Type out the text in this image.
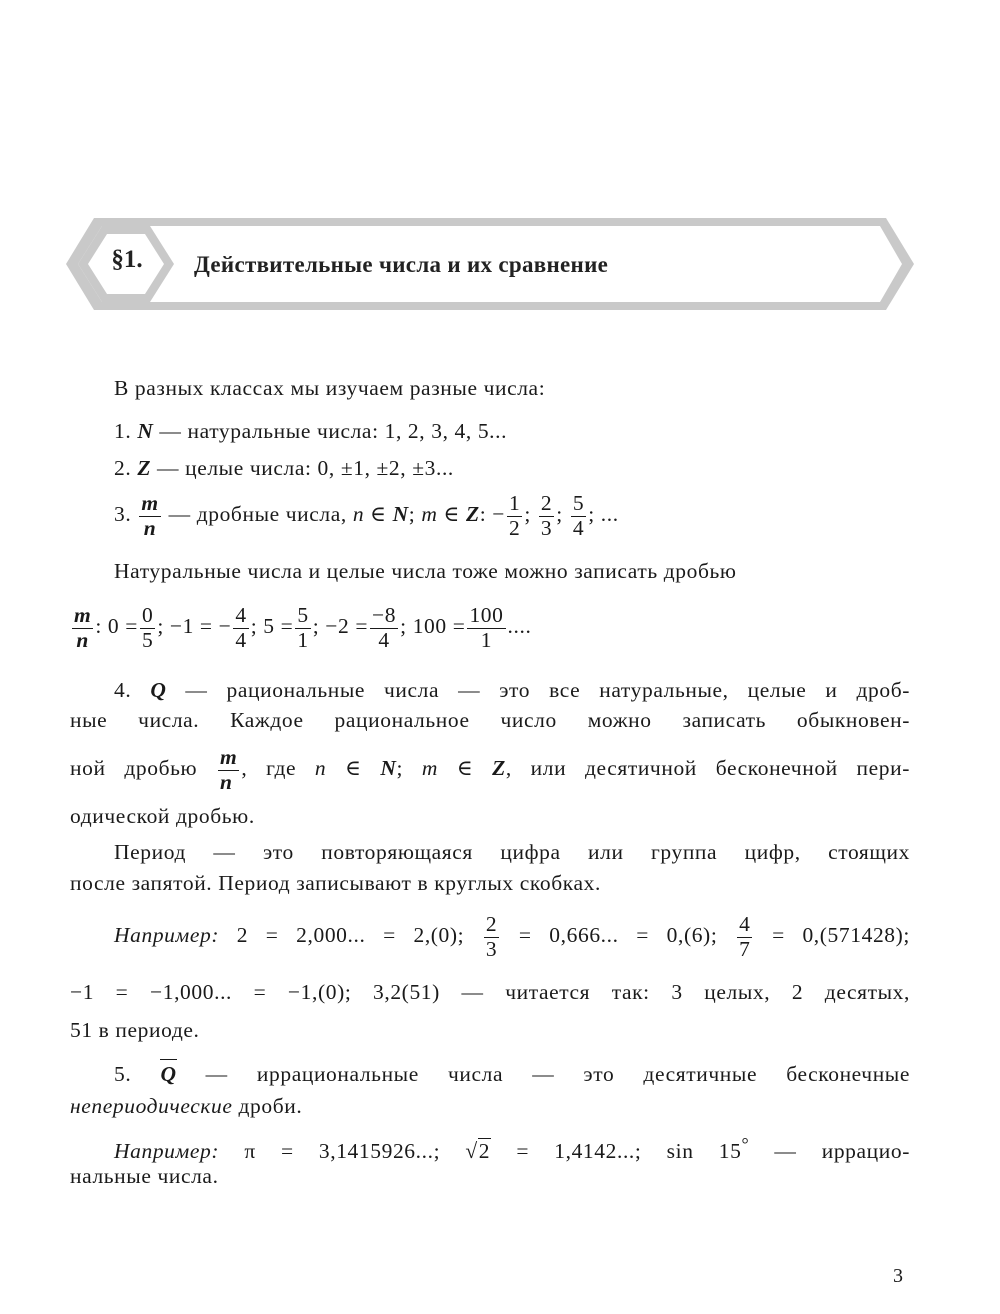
§1.	Действительные числа и их сравнение
В разных классах мы изучаем разные числа:
1. N — натуральные числа: 1, 2, 3, 4, 5...
2. Z — целые числа: 0, ±1, ±2, ±3...
3. $\frac{m}{n}$ — дробные числа, n ∈ N; m ∈ Z: − $\frac{1}{2}$ ; $\frac{2}{3}$ ; $\frac{5}{4}$ ; ...
Натуральные числа и целые числа тоже можно записать дробью
$\frac{m}{n}$ : $0 = \frac{0}{5}$ ; −1 = − $\frac{4}{4}$ ; $5 = \frac{5}{1}$ ; $-2 = \frac{-8}{4}$ ; $100 = \frac{100}{1}$ ....
4. Q — рациональные числа — это все натуральные, целые и дроб-
ные числа. Каждое рациональное число можно записать обыкновен-
ной дробью $\frac{m}{n}$ , где n ∈ N; m ∈ Z, или десятичной бесконечной пери-
одической дробью.
Период — это повторяющаяся цифра или группа цифр, стоящих
после запятой. Период записывают в круглых скобках.
Например: 2 = 2,000... = 2,(0); $\frac{2}{3} = 0,666$... = 0,(6); $\frac{4}{7} = 0,(571428)$;
−1 = −1,000... = −1,(0); 3,2(51) — читается так: 3 целых, 2 десятых,
51 в периоде.
5. Q — иррациональные числа — это десятичные бесконечные
непериодические дроби.
Например: π = 3,1415926...; √2 = 1,4142...; sin 15° — иррацио-
нальные числа.
3
